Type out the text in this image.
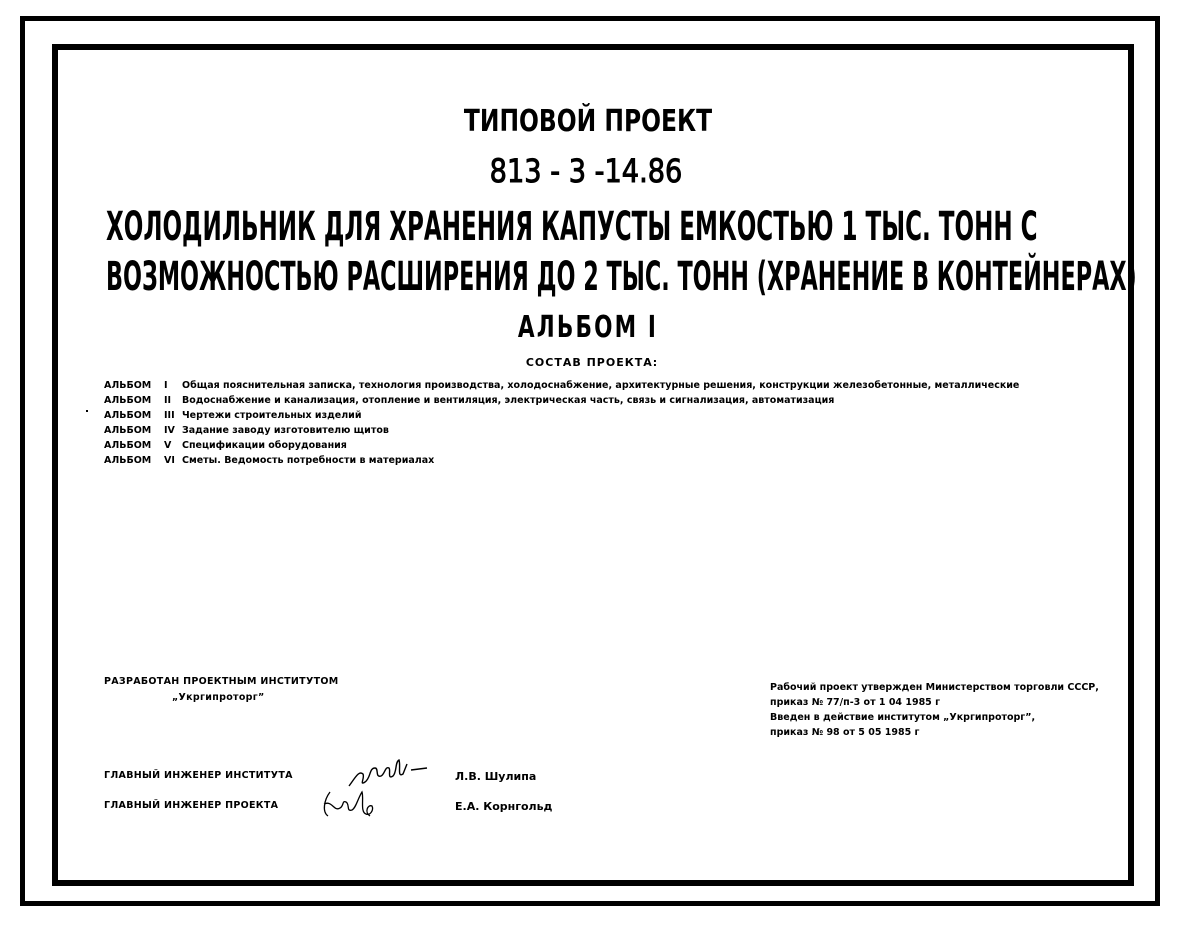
ТИПОВОЙ ПРОЕКТ
813 - 3 -14.86
ХОЛОДИЛЬНИК ДЛЯ ХРАНЕНИЯ КАПУСТЫ ЕМКОСТЬЮ 1 ТЫС. ТОНН С
ВОЗМОЖНОСТЬЮ РАСШИРЕНИЯ ДО 2 ТЫС. ТОНН (ХРАНЕНИЕ В КОНТЕЙНЕРАХ)
АЛЬБОМ I
СОСТАВ ПРОЕКТА:
АЛЬБОМ	I	Общая пояснительная записка, технология производства, холодоснабжение, архитектурные решения, конструкции железобетонные, металлические
АЛЬБОМ	II	Водоснабжение и канализация, отопление и вентиляция, электрическая часть, связь и сигнализация, автоматизация
АЛЬБОМ	III Чертежи строительных изделий
АЛЬБОМ	IV Задание заводу изготовителю щитов
АЛЬБОМ	V	Спецификации оборудования
АЛЬБОМ	VI Сметы. Ведомость потребности в материалах
РАЗРАБОТАН ПРОЕКТНЫМ ИНСТИТУТОМ
„Укргипроторг”
Рабочий проект утвержден Министерством торговли СССР,
приказ № 77/п-3 от 1 04 1985 г
Введен в действие институтом „Укргипроторг”,
приказ № 98 от 5 05 1985 г
ГЛАВНЫЙ ИНЖЕНЕР ИНСТИТУТА
ГЛАВНЫЙ ИНЖЕНЕР ПРОЕКТА
Л.В. Шулипа
Е.А. Корнгольд
